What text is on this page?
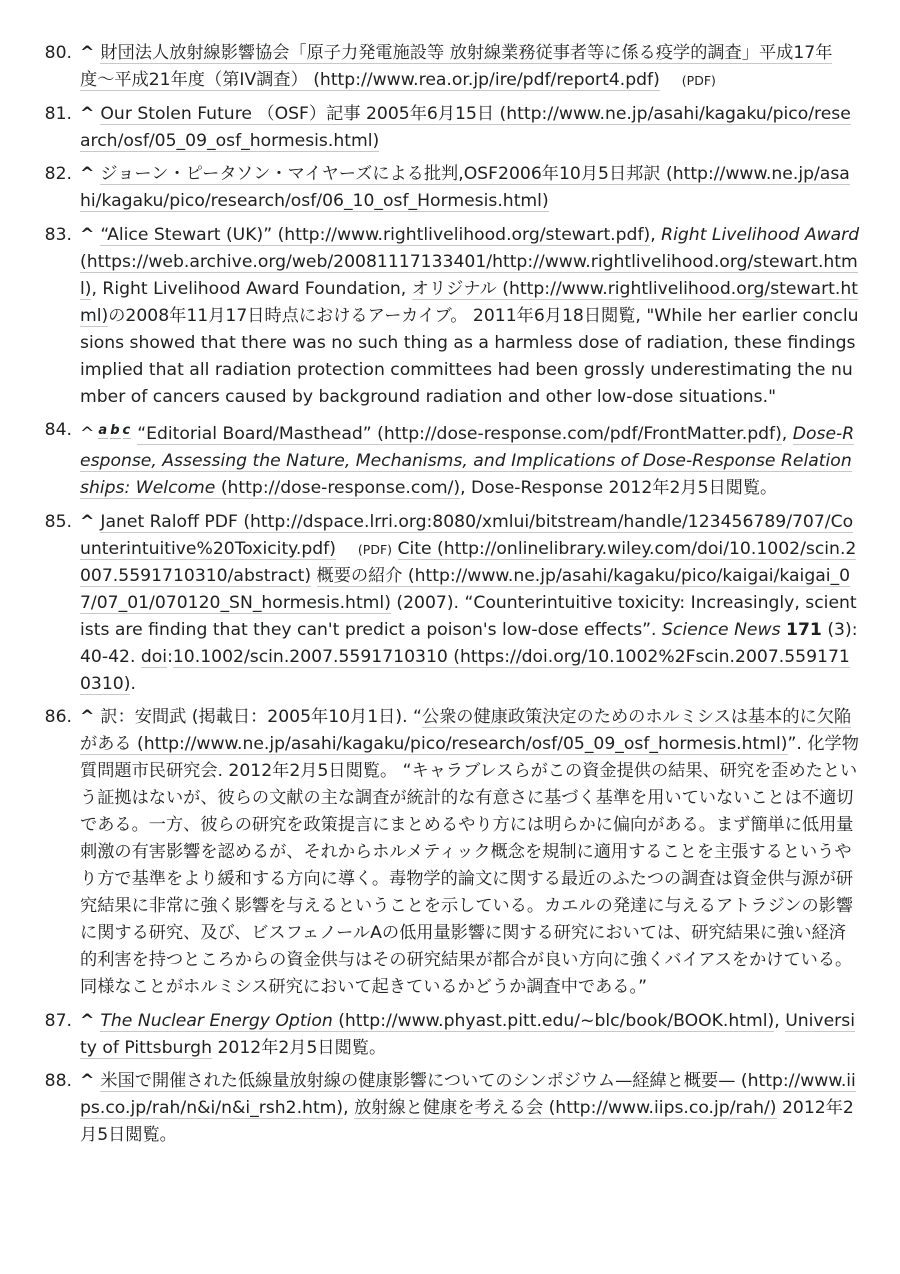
80. ^ 財団法人放射線影響協会「原子力発電施設等 放射線業務従事者等に係る疫学的調査」平成17年度〜平成21年度（第IV調査） (http://www.rea.or.jp/ire/pdf/report4.pdf) (PDF)
81. ^ Our Stolen Future （OSF）記事 2005年6月15日 (http://www.ne.jp/asahi/kagaku/pico/research/osf/05_09_osf_hormesis.html)
82. ^ ジョーン・ピータソン・マイヤーズによる批判,OSF2006年10月5日邦訳 (http://www.ne.jp/asahi/kagaku/pico/research/osf/06_10_osf_Hormesis.html)
83. ^ “Alice Stewart (UK)” (http://www.rightlivelihood.org/stewart.pdf), Right Livelihood Award (https://web.archive.org/web/20081117133401/http://www.rightlivelihood.org/stewart.html), Right Livelihood Award Foundation, オリジナル (http://www.rightlivelihood.org/stewart.html)の2008年11月17日時点におけるアーカイブ。 2011年6月18日閲覧, "While her earlier conclusions showed that there was no such thing as a harmless dose of radiation, these findings implied that all radiation protection committees had been grossly underestimating the number of cancers caused by background radiation and other low-dose situations."
84. ^ $^{a b c}$ “Editorial Board/Masthead” (http://dose-response.com/pdf/FrontMatter.pdf), Dose-Response, Assessing the Nature, Mechanisms, and Implications of Dose-Response Relationships: Welcome (http://dose-response.com/), Dose-Response 2012年2月5日閲覧。
85. ^ Janet Raloff PDF (http://dspace.lrri.org:8080/xmlui/bitstream/handle/123456789/707/Counterintuitive%20Toxicity.pdf) (PDF) Cite (http://onlinelibrary.wiley.com/doi/10.1002/scin.2007.5591710310/abstract) 概要の紹介 (http://www.ne.jp/asahi/kagaku/pico/kaigai/kaigai_07/07_01/070120_SN_hormesis.html) (2007). “Counterintuitive toxicity: Increasingly, scientists are finding that they can't predict a poison's low-dose effects”. Science News 171 (3): 40-42. doi:10.1002/scin.2007.5591710310 (https://doi.org/10.1002%2Fscin.2007.5591710310).
86. ^ 訳：安間武 (掲載日：2005年10月1日). “公衆の健康政策決定のためのホルミシスは基本的に欠陥がある (http://www.ne.jp/asahi/kagaku/pico/research/osf/05_09_osf_hormesis.html)”. 化学物質問題市民研究会. 2012年2月5日閲覧。 “キャラブレスらがこの資金提供の結果、研究を歪めたという証拠はないが、彼らの文献の主な調査が統計的な有意さに基づく基準を用いていないことは不適切である。一方、彼らの研究を政策提言にまとめるやり方には明らかに偏向がある。まず簡単に低用量刺激の有害影響を認めるが、それからホルメティック概念を規制に適用することを主張するというやり方で基準をより緩和する方向に導く。毒物学的論文に関する最近のふたつの調査は資金供与源が研究結果に非常に強く影響を与えるということを示している。カエルの発達に与えるアトラジンの影響に関する研究、及び、ビスフェノールAの低用量影響に関する研究においては、研究結果に強い経済的利害を持つところからの資金供与はその研究結果が都合が良い方向に強くバイアスをかけている。同様なことがホルミシス研究において起きているかどうか調査中である。”
87. ^ The Nuclear Energy Option (http://www.phyast.pitt.edu/~blc/book/BOOK.html), University of Pittsburgh 2012年2月5日閲覧。
88. ^ 米国で開催された低線量放射線の健康影響についてのシンポジウム—経緯と概要— (http://www.iips.co.jp/rah/n&i/n&i_rsh2.htm), 放射線と健康を考える会 (http://www.iips.co.jp/rah/) 2012年2月5日閲覧。
